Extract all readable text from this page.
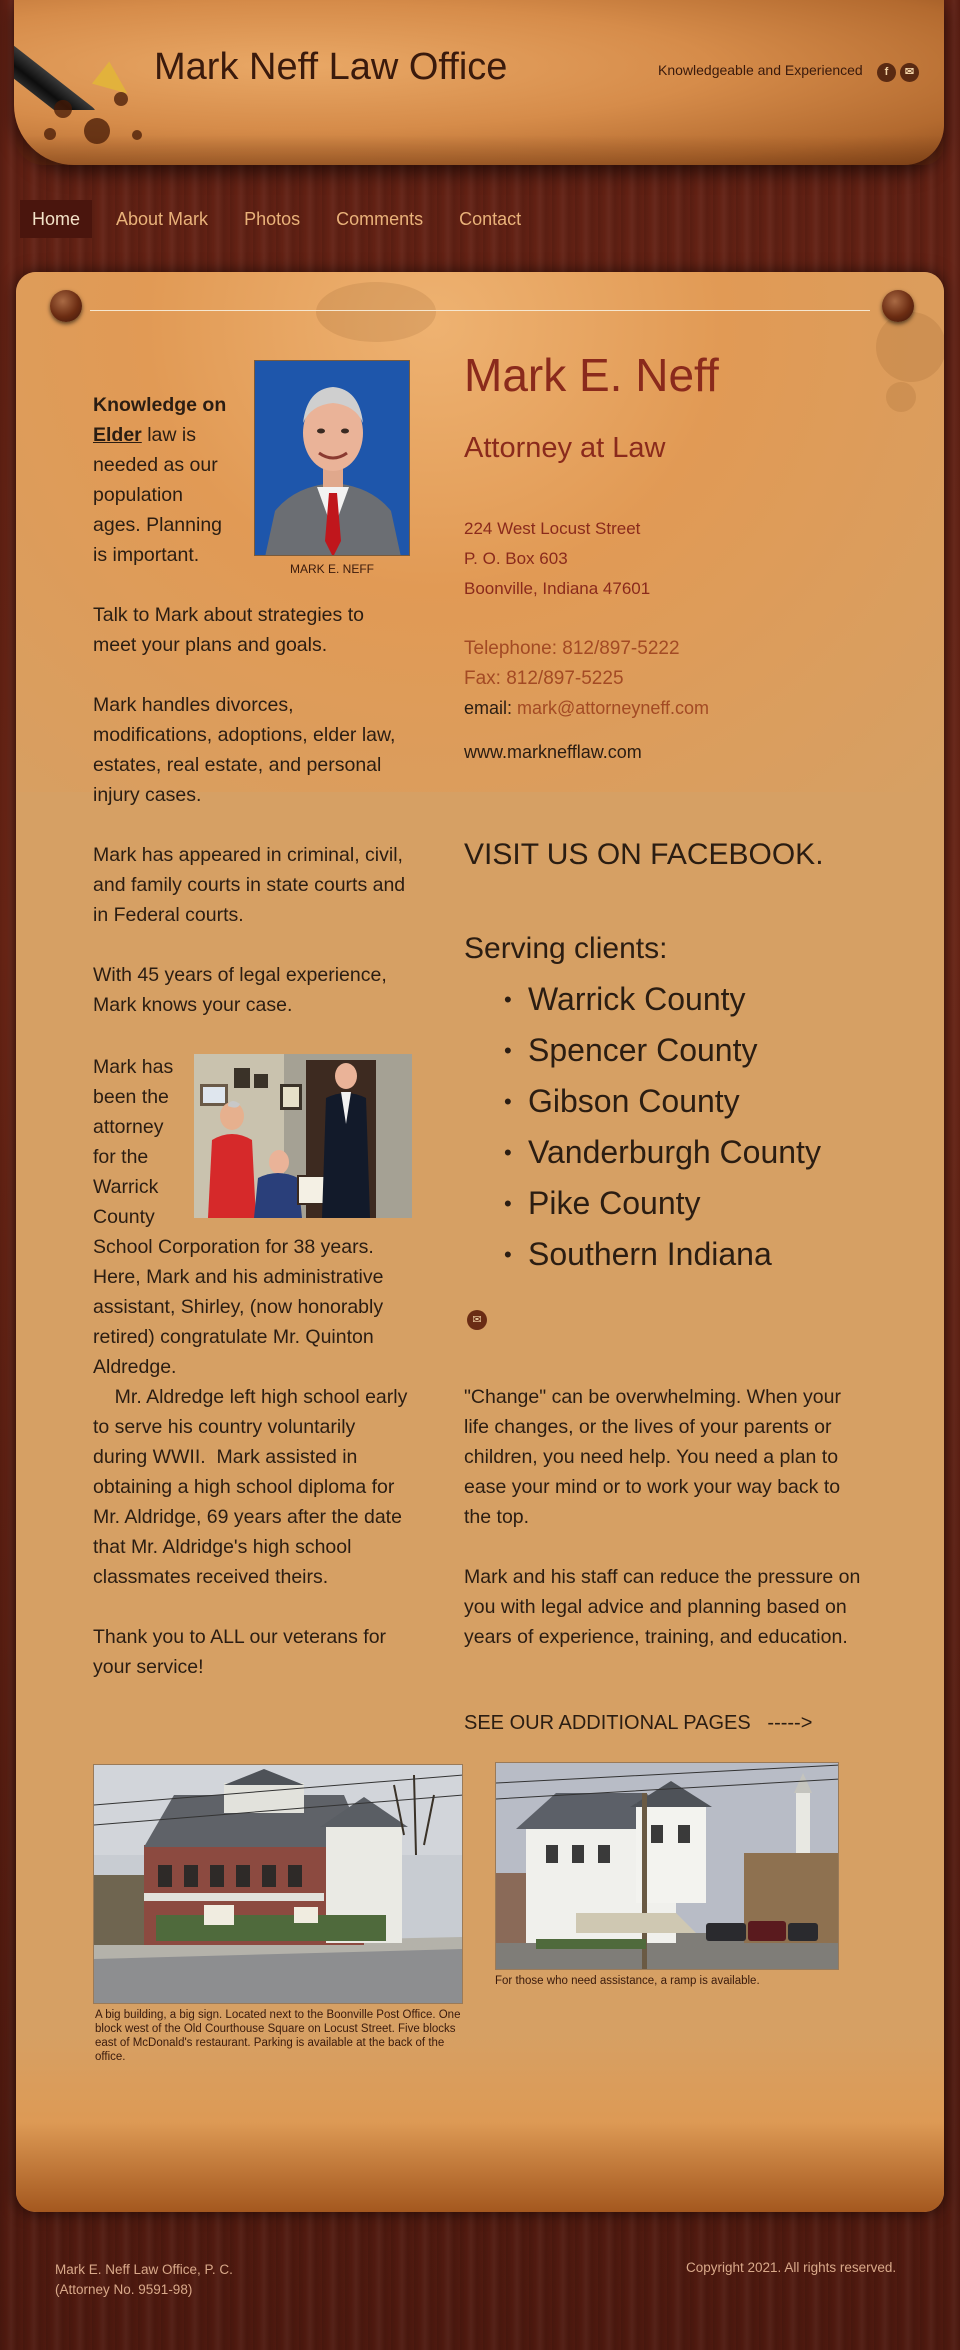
Mark Neff Law Office	Knowledgeable and Experienced	f	✉
Home	About Mark	Photos	Comments	Contact
MARK E. NEFF
Knowledge on
Elder law is
needed as our
population
ages. Planning
is important.
Talk to Mark about strategies to meet your plans and goals.
Mark handles divorces, modifications, adoptions, elder law, estates, real estate, and personal injury cases.
Mark has appeared in criminal, civil, and family courts in state courts and in Federal courts.
With 45 years of legal experience, Mark knows your case.
Mark has
been the
attorney
for the
Warrick
County
School Corporation for 38 years. Here, Mark and his administrative assistant, Shirley, (now honorably retired) congratulate Mr. Quinton Aldredge.
Mr. Aldredge left high school early to serve his country voluntarily during WWII.  Mark assisted in obtaining a high school diploma for Mr. Aldridge, 69 years after the date that Mr. Aldridge's high school classmates received theirs.
Thank you to ALL our veterans for your service!
Mark E. Neff
Attorney at Law
224 West Locust Street
P. O. Box 603
Boonville, Indiana 47601
Telephone: 812/897-5222
Fax: 812/897-5225
email: mark@attorneyneff.com
www.marknefflaw.com
VISIT US ON FACEBOOK.
Serving clients:
• Warrick County
• Spencer County
• Gibson County
• Vanderburgh County
• Pike County
• Southern Indiana
✉
"Change" can be overwhelming. When your life changes, or the lives of your parents or children, you need help. You need a plan to ease your mind or to work your way back to the top.
Mark and his staff can reduce the pressure on you with legal advice and planning based on years of experience, training, and education.
SEE OUR ADDITIONAL PAGES   ----->
A big building, a big sign. Located next to the Boonville Post Office. One block west of the Old Courthouse Square on Locust Street. Five blocks east of McDonald's restaurant. Parking is available at the back of the office.
For those who need assistance, a ramp is available.
Mark E. Neff Law Office, P. C.
(Attorney No. 9591-98)
Copyright 2021. All rights reserved.
